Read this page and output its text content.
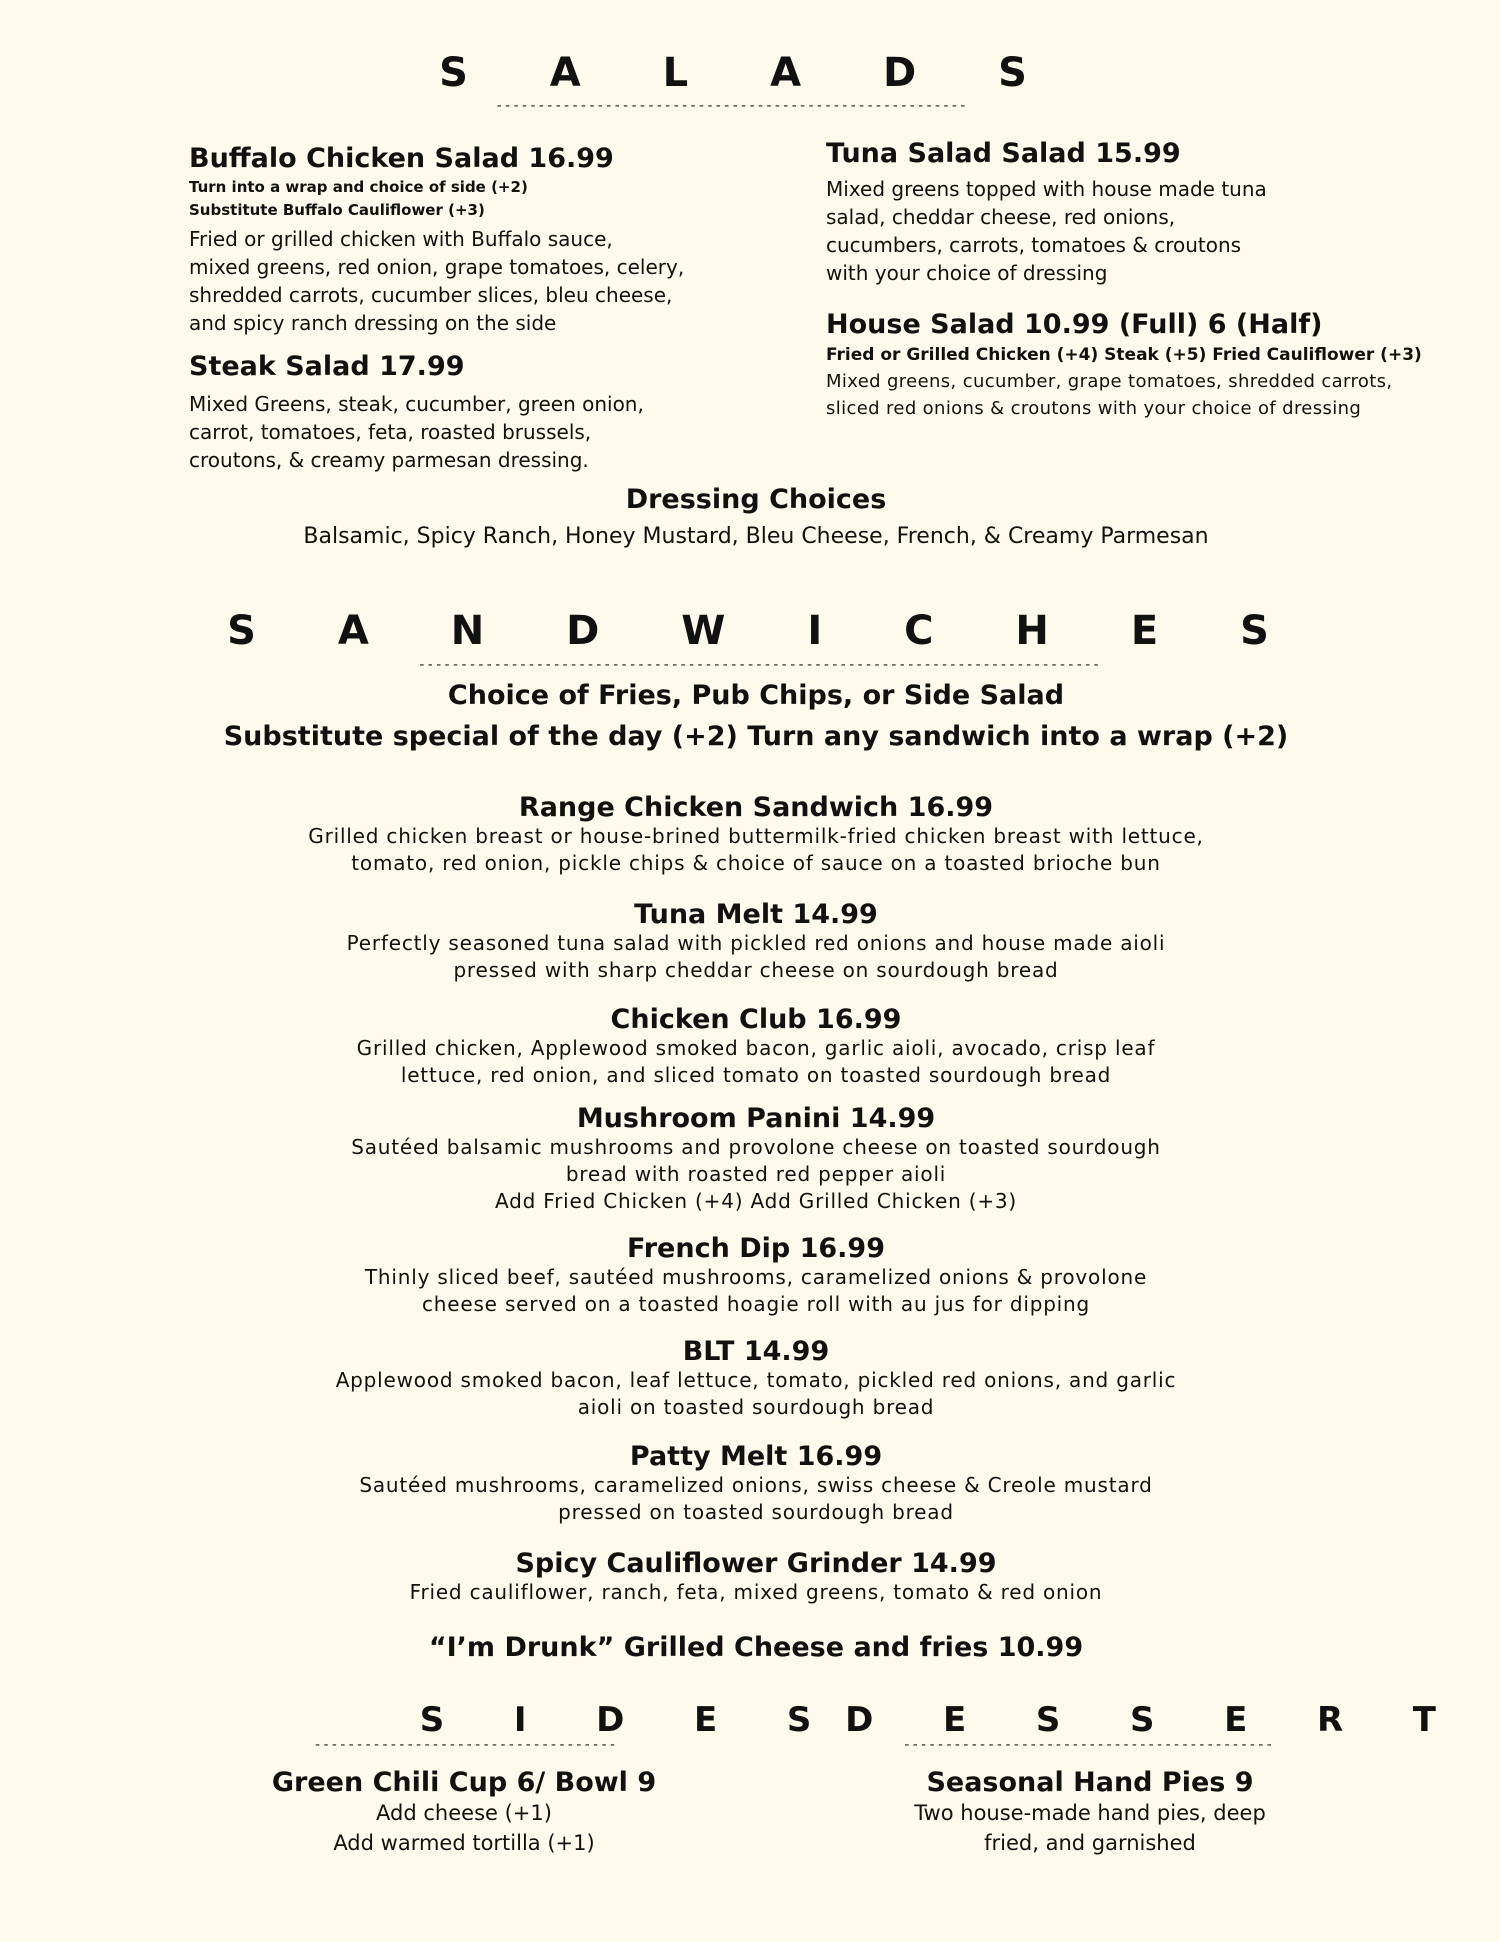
S A L A D S
--------------------------------------------------------
Buffalo Chicken Salad 16.99
Turn into a wrap and choice of side (+2)
Substitute Buffalo Cauliflower (+3)
Fried or grilled chicken with Buffalo sauce,
mixed greens, red onion, grape tomatoes, celery,
shredded carrots, cucumber slices, bleu cheese,
and spicy ranch dressing on the side
Steak Salad 17.99
Mixed Greens, steak, cucumber, green onion,
carrot, tomatoes, feta, roasted brussels,
croutons, & creamy parmesan dressing.
Tuna Salad Salad 15.99
Mixed greens topped with house made tuna
salad, cheddar cheese, red onions,
cucumbers, carrots, tomatoes & croutons
with your choice of dressing
House Salad 10.99 (Full) 6 (Half)
Fried or Grilled Chicken (+4) Steak (+5) Fried Cauliflower (+3)
Mixed greens, cucumber, grape tomatoes, shredded carrots,
sliced red onions & croutons with your choice of dressing
Dressing Choices
Balsamic, Spicy Ranch, Honey Mustard, Bleu Cheese, French, & Creamy Parmesan
S A N D W I C H E S
---------------------------------------------------------------------------------
Choice of Fries, Pub Chips, or Side Salad
Substitute special of the day (+2) Turn any sandwich into a wrap (+2)
Range Chicken Sandwich 16.99
Grilled chicken breast or house-brined buttermilk-fried chicken breast with lettuce,
tomato, red onion, pickle chips & choice of sauce on a toasted brioche bun
Tuna Melt 14.99
Perfectly seasoned tuna salad with pickled red onions and house made aioli
pressed with sharp cheddar cheese on sourdough bread
Chicken Club 16.99
Grilled chicken, Applewood smoked bacon, garlic aioli, avocado, crisp leaf
lettuce, red onion, and sliced tomato on toasted sourdough bread
Mushroom Panini 14.99
Sautéed balsamic mushrooms and provolone cheese on toasted sourdough
bread with roasted red pepper aioli
Add Fried Chicken (+4) Add Grilled Chicken (+3)
French Dip 16.99
Thinly sliced beef, sautéed mushrooms, caramelized onions & provolone
cheese served on a toasted hoagie roll with au jus for dipping
BLT 14.99
Applewood smoked bacon, leaf lettuce, tomato, pickled red onions, and garlic
aioli on toasted sourdough bread
Patty Melt 16.99
Sautéed mushrooms, caramelized onions, swiss cheese & Creole mustard
pressed on toasted sourdough bread
Spicy Cauliflower Grinder 14.99
Fried cauliflower, ranch, feta, mixed greens, tomato & red onion
“I’m Drunk” Grilled Cheese and fries 10.99
S I D E S
------------------------------------
Green Chili Cup 6/ Bowl 9
Add cheese (+1)
Add warmed tortilla (+1)
D E S S E R T
--------------------------------------------
Seasonal Hand Pies 9
Two house-made hand pies, deep
fried, and garnished
